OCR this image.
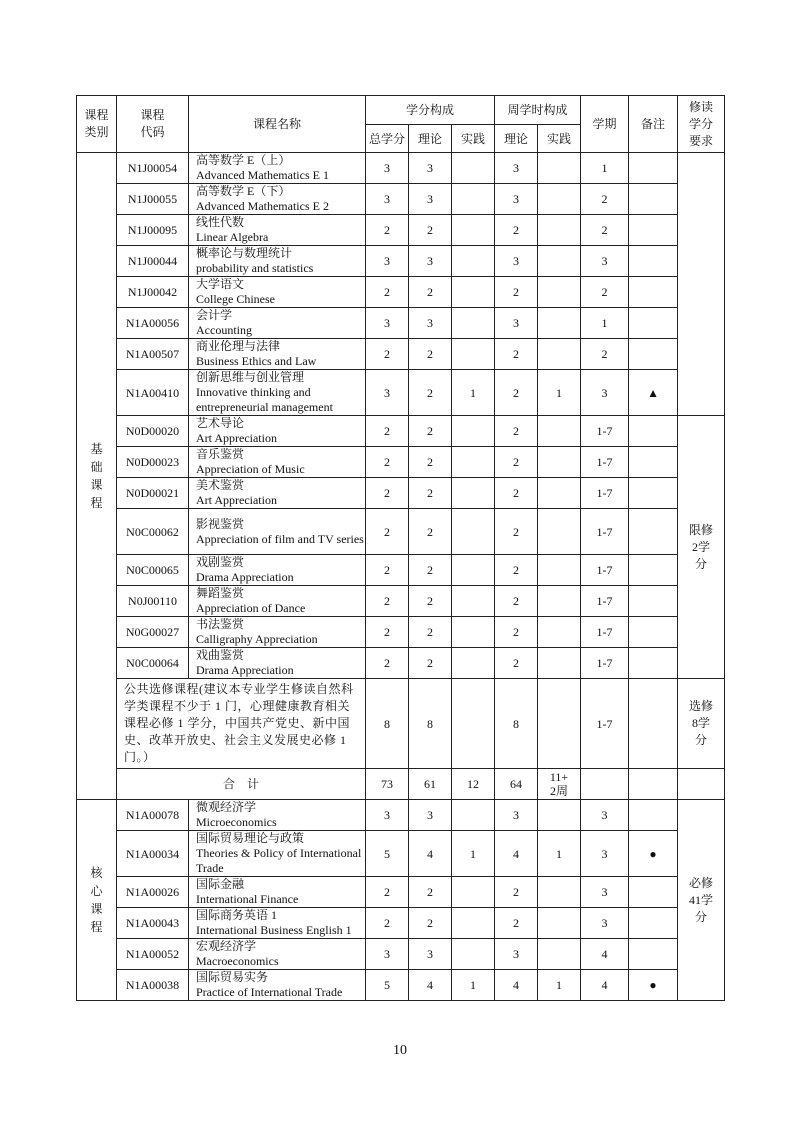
课程类别	课程代码	课程名称	学分构成			周学时构成		学期	备注	修读学分要求
			总学分	理论	实践	理论	实践			
基础课程	N1J00054	高等数学 E（上）
Advanced Mathematics E 1	3	3		3		1		
	N1J00055	高等数学 E（下）
Advanced Mathematics E 2	3	3		3		2		
	N1J00095	线性代数
Linear Algebra	2	2		2		2		
	N1J00044	概率论与数理统计
probability and statistics	3	3		3		3		
	N1J00042	大学语文
College Chinese	2	2		2		2		
	N1A00056	会计学
Accounting	3	3		3		1		
	N1A00507	商业伦理与法律
Business Ethics and Law	2	2		2		2		
	N1A00410	创新思维与创业管理
Innovative thinking and entrepreneurial management	3	2	1	2	1	3	▲	
	N0D00020	艺术导论
Art Appreciation	2	2		2		1-7		限修2学分
	N0D00023	音乐鉴赏
Appreciation of Music	2	2		2		1-7		
	N0D00021	美术鉴赏
Art Appreciation	2	2		2		1-7		
	N0C00062	影视鉴赏
Appreciation of film and TV series	2	2		2		1-7		
	N0C00065	戏剧鉴赏
Drama Appreciation	2	2		2		1-7		
	N0J00110	舞蹈鉴赏
Appreciation of Dance	2	2		2		1-7		
	N0G00027	书法鉴赏
Calligraphy Appreciation	2	2		2		1-7		
	N0C00064	戏曲鉴赏
Drama Appreciation	2	2		2		1-7		
	公共选修课程(建议本专业学生修读自然科学类课程不少于 1 门，心理健康教育相关课程必修 1 学分，中国共产党史、新中国史、改革开放史、社会主义发展史必修 1 门。）		8	8		8		1-7		选修8学分
	合　计		73	61	12	64	11+2周			
核心课程	N1A00078	微观经济学
Microeconomics	3	3		3		3		必修41学分
	N1A00034	国际贸易理论与政策
Theories & Policy of International Trade	5	4	1	4	1	3	●	
	N1A00026	国际金融
International Finance	2	2		2		3		
	N1A00043	国际商务英语 1
International Business English 1	2	2		2		3		
	N1A00052	宏观经济学
Macroeconomics	3	3		3		4		
	N1A00038	国际贸易实务
Practice of International Trade	5	4	1	4	1	4	●	
10
